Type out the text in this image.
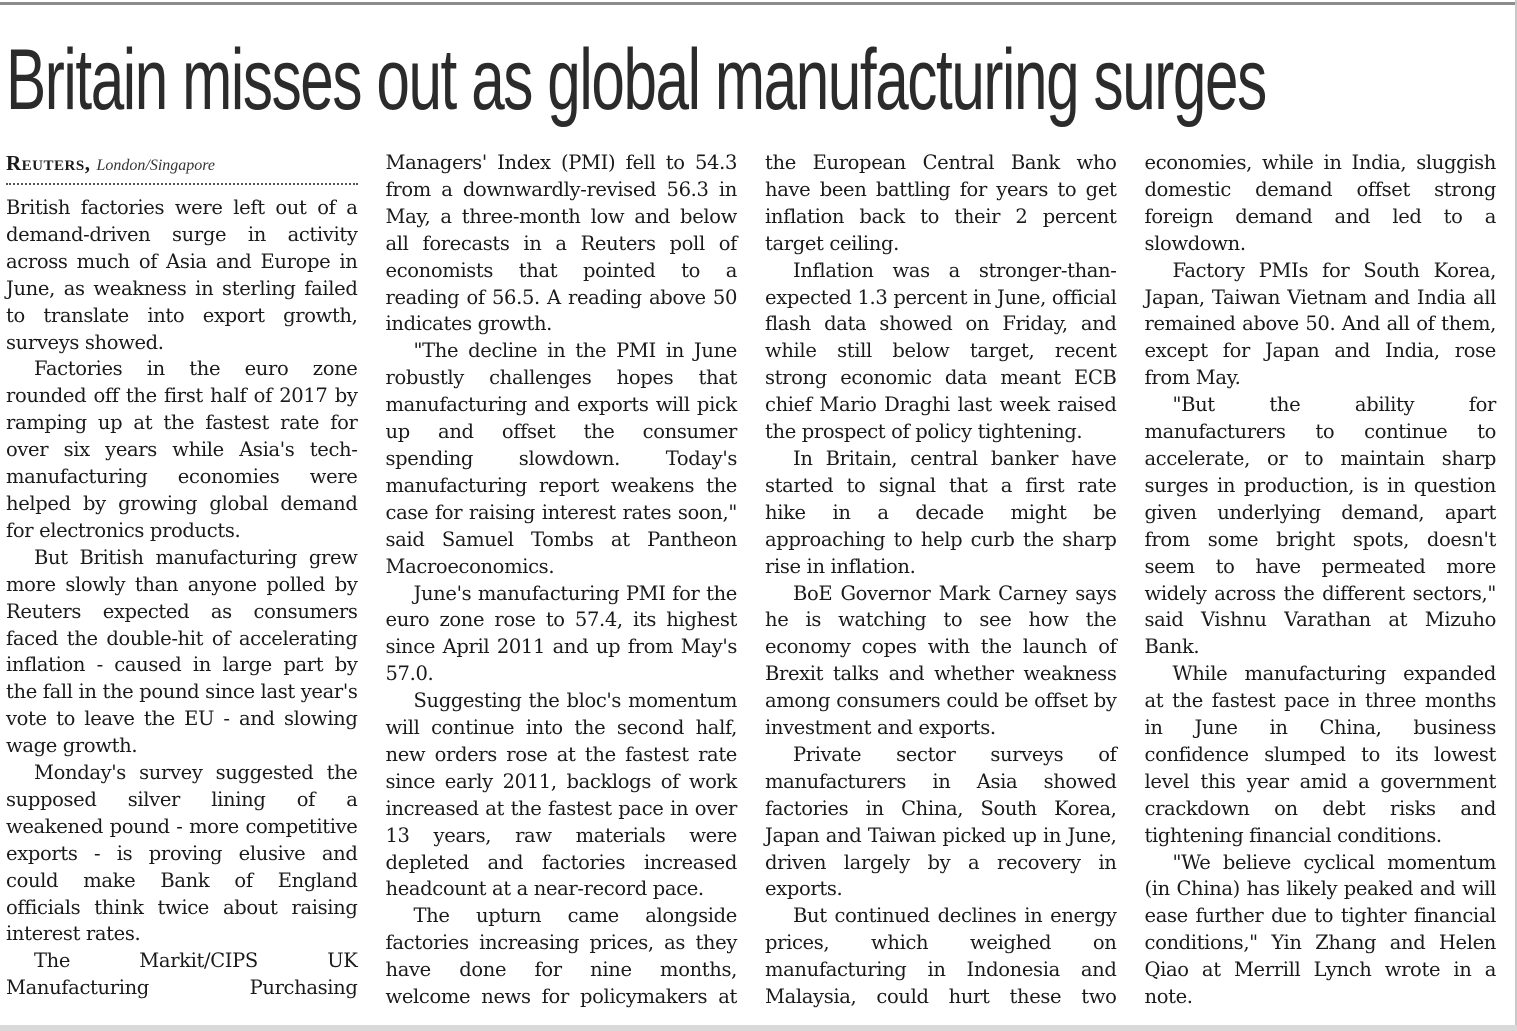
Britain misses out as global manufacturing surges
Reuters, London/Singapore

British factories were left out of a demand-driven surge in activity across much of Asia and Europe in June, as weakness in sterling failed to translate into export growth, surveys showed.

Factories in the euro zone rounded off the first half of 2017 by ramping up at the fastest rate for over six years while Asia's tech-manufacturing economies were helped by growing global demand for electronics products.

But British manufacturing grew more slowly than anyone polled by Reuters expected as consumers faced the double-hit of accelerating inflation - caused in large part by the fall in the pound since last year's vote to leave the EU - and slowing wage growth.

Monday's survey suggested the supposed silver lining of a weakened pound - more competitive exports - is proving elusive and could make Bank of England officials think twice about raising interest rates.

The Markit/CIPS UK Manufacturing Purchasing Managers' Index (PMI) fell to 54.3 from a downwardly-revised 56.3 in May, a three-month low and below all forecasts in a Reuters poll of economists that pointed to a reading of 56.5. A reading above 50 indicates growth.

"The decline in the PMI in June robustly challenges hopes that manufacturing and exports will pick up and offset the consumer spending slowdown. Today's manufacturing report weakens the case for raising interest rates soon," said Samuel Tombs at Pantheon Macroeconomics.

June's manufacturing PMI for the euro zone rose to 57.4, its highest since April 2011 and up from May's 57.0.

Suggesting the bloc's momentum will continue into the second half, new orders rose at the fastest rate since early 2011, backlogs of work increased at the fastest pace in over 13 years, raw materials were depleted and factories increased headcount at a near-record pace.

The upturn came alongside factories increasing prices, as they have done for nine months, welcome news for policymakers at the European Central Bank who have been battling for years to get inflation back to their 2 percent target ceiling.

Inflation was a stronger-than-expected 1.3 percent in June, official flash data showed on Friday, and while still below target, recent strong economic data meant ECB chief Mario Draghi last week raised the prospect of policy tightening.

In Britain, central banker have started to signal that a first rate hike in a decade might be approaching to help curb the sharp rise in inflation.

BoE Governor Mark Carney says he is watching to see how the economy copes with the launch of Brexit talks and whether weakness among consumers could be offset by investment and exports.

Private sector surveys of manufacturers in Asia showed factories in China, South Korea, Japan and Taiwan picked up in June, driven largely by a recovery in exports.

But continued declines in energy prices, which weighed on manufacturing in Indonesia and Malaysia, could hurt these two economies, while in India, sluggish domestic demand offset strong foreign demand and led to a slowdown.

Factory PMIs for South Korea, Japan, Taiwan Vietnam and India all remained above 50. And all of them, except for Japan and India, rose from May.

"But the ability for manufacturers to continue to accelerate, or to maintain sharp surges in production, is in question given underlying demand, apart from some bright spots, doesn't seem to have permeated more widely across the different sectors," said Vishnu Varathan at Mizuho Bank.

While manufacturing expanded at the fastest pace in three months in June in China, business confidence slumped to its lowest level this year amid a government crackdown on debt risks and tightening financial conditions.

"We believe cyclical momentum (in China) has likely peaked and will ease further due to tighter financial conditions," Yin Zhang and Helen Qiao at Merrill Lynch wrote in a note.
